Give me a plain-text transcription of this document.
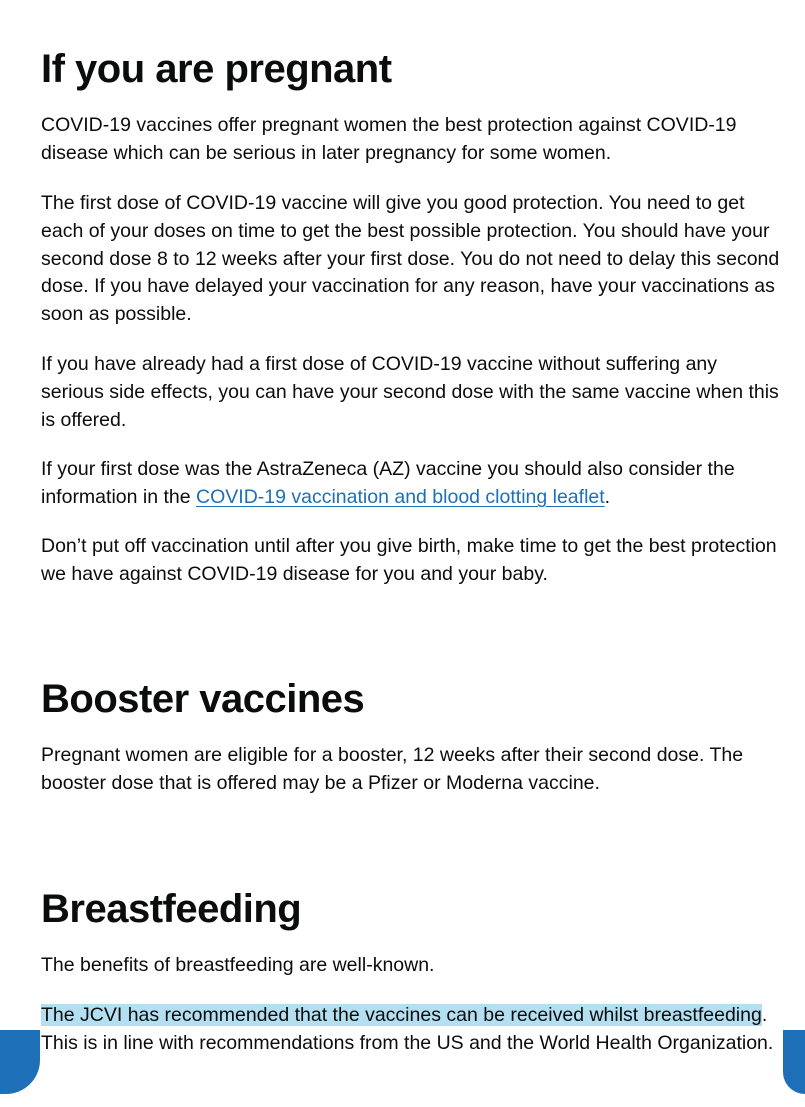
If you are pregnant

COVID-19 vaccines offer pregnant women the best protection against COVID-19 disease which can be serious in later pregnancy for some women.

The first dose of COVID-19 vaccine will give you good protection. You need to get each of your doses on time to get the best possible protection. You should have your second dose 8 to 12 weeks after your first dose. You do not need to delay this second dose. If you have delayed your vaccination for any reason, have your vaccinations as soon as possible.

If you have already had a first dose of COVID-19 vaccine without suffering any serious side effects, you can have your second dose with the same vaccine when this is offered.

If your first dose was the AstraZeneca (AZ) vaccine you should also consider the information in the COVID-19 vaccination and blood clotting leaflet.

Don’t put off vaccination until after you give birth, make time to get the best protection we have against COVID-19 disease for you and your baby.

Booster vaccines

Pregnant women are eligible for a booster, 12 weeks after their second dose. The booster dose that is offered may be a Pfizer or Moderna vaccine.

Breastfeeding

The benefits of breastfeeding are well-known.

The JCVI has recommended that the vaccines can be received whilst breastfeeding. This is in line with recommendations from the US and the World Health Organization.
